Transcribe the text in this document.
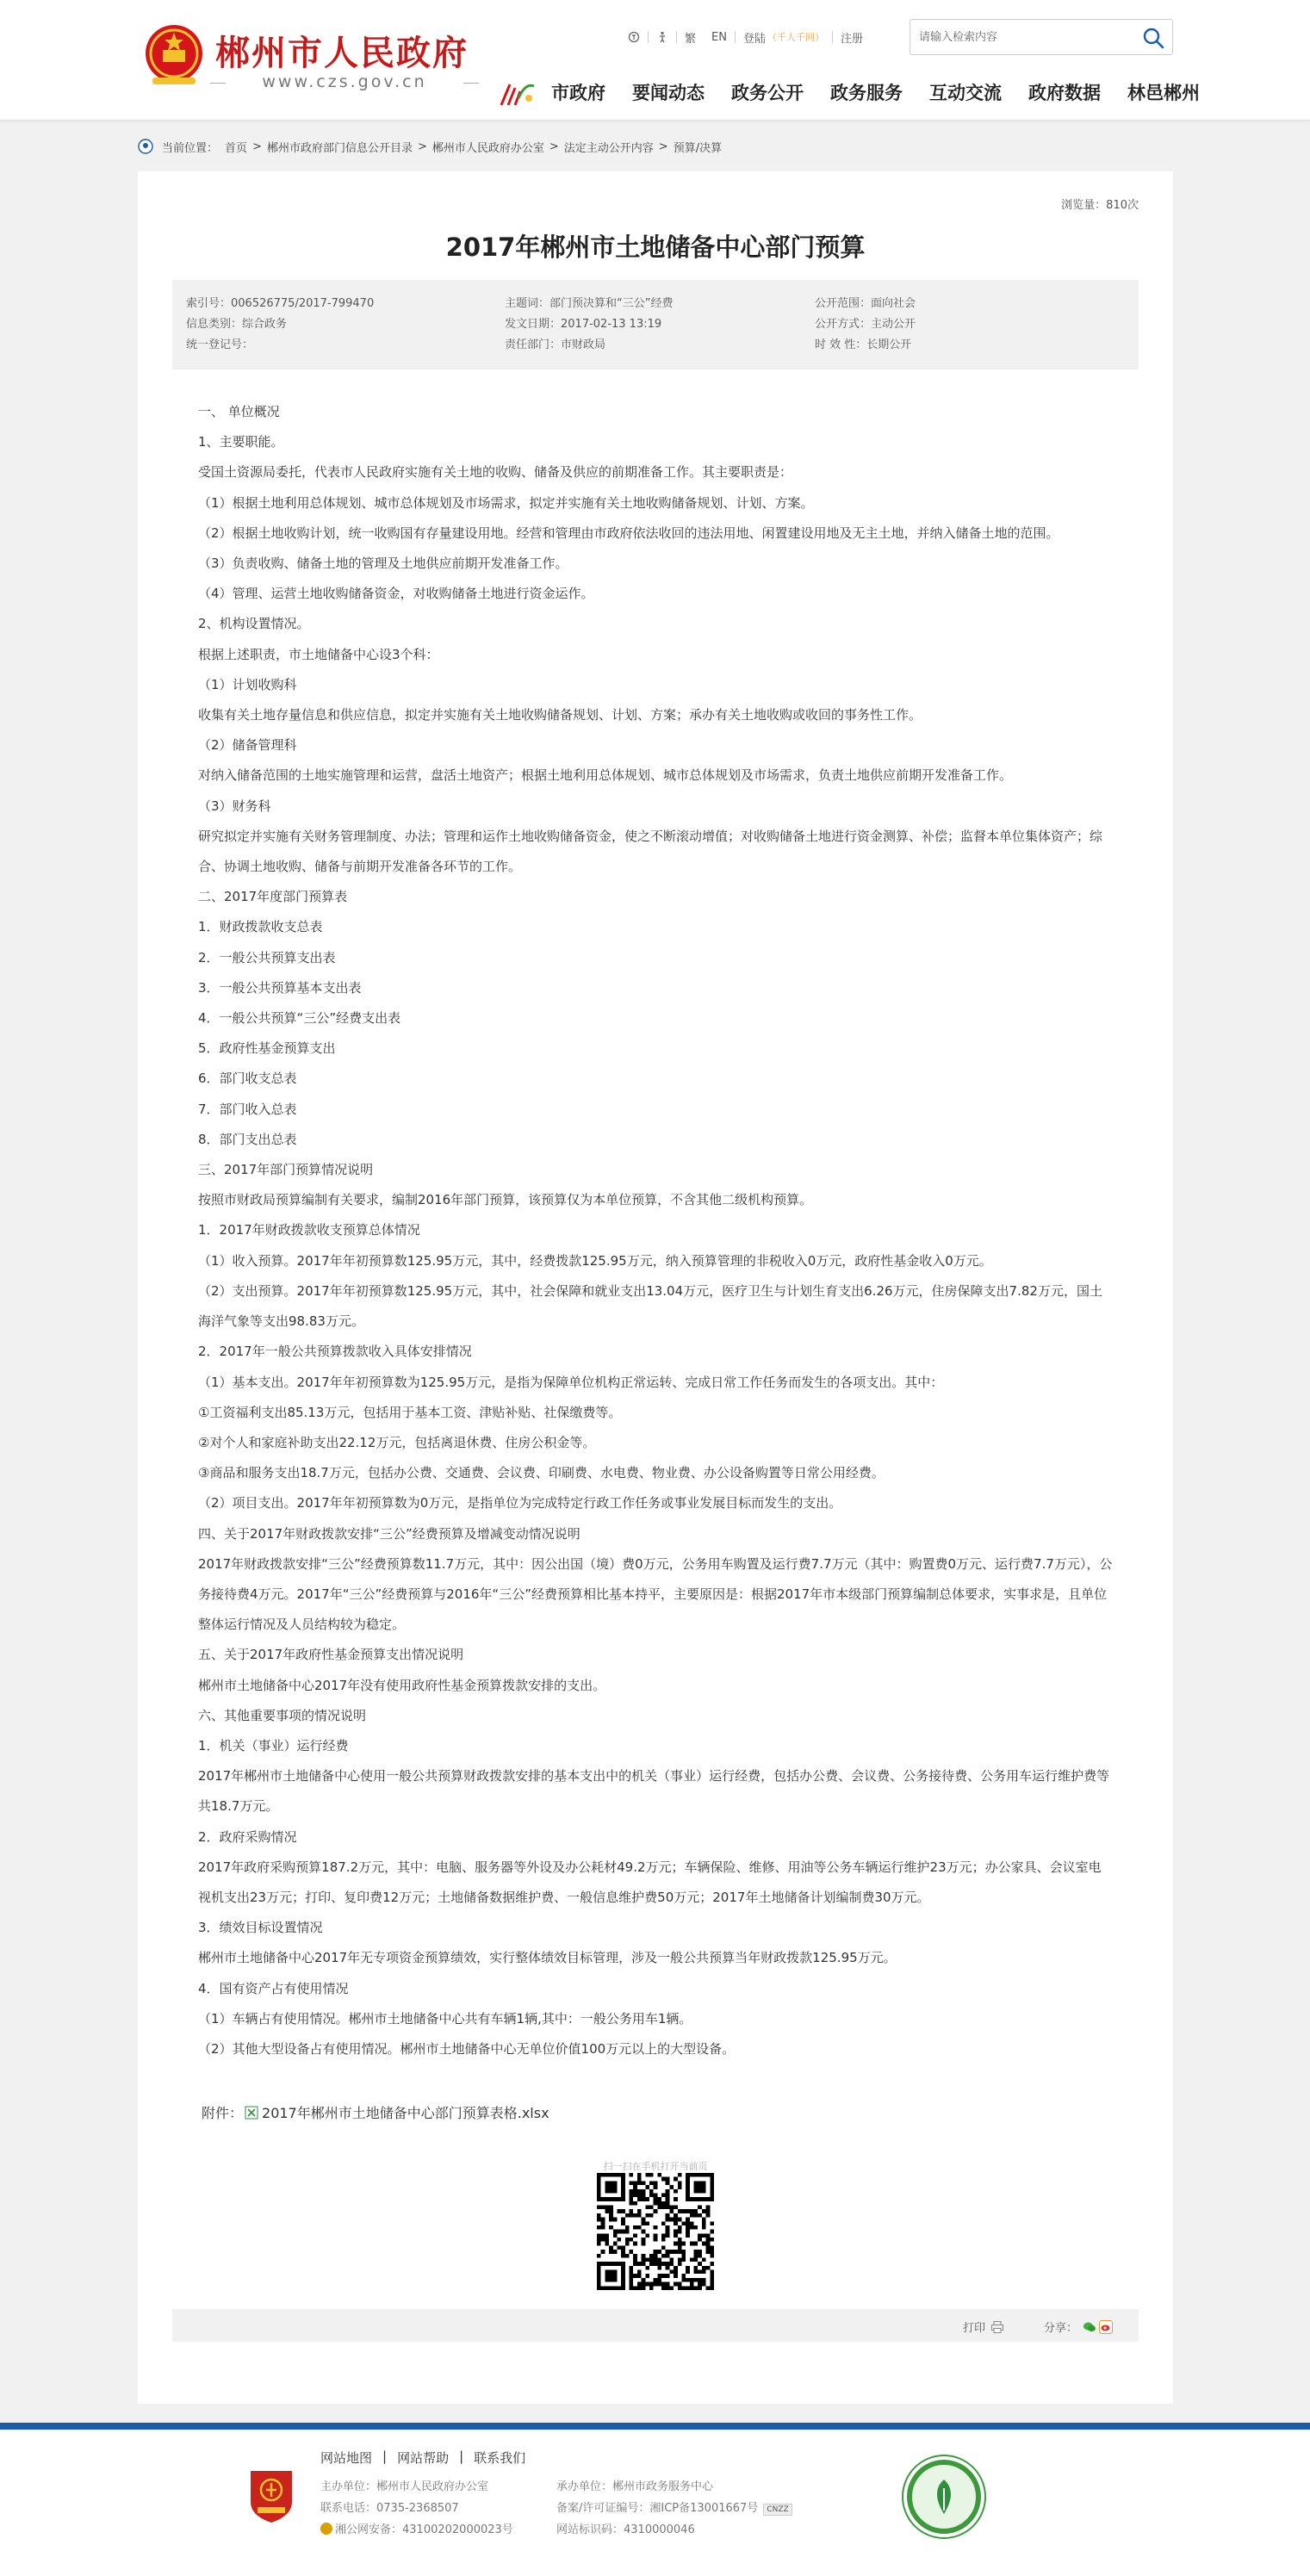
郴州市人民政府
www.czs.gov.cn
繁	EN	登陆 （千人千网）	注册
请输入检索内容
市政府 要闻动态 政务公开 政务服务 互动交流 政府数据 林邑郴州
当前位置： 首页 > 郴州市政府部门信息公开目录 > 郴州市人民政府办公室 > 法定主动公开内容 > 预算/决算
浏览量：810次
2017年郴州市土地储备中心部门预算
索引号：006526775/2017-799470	主题词：部门预决算和“三公”经费	公开范围：面向社会
信息类别：综合政务	发文日期：2017-02-13 13:19	公开方式：主动公开
统一登记号：	责任部门：市财政局	时 效 性：长期公开

一、 单位概况

1、主要职能。

受国土资源局委托，代表市人民政府实施有关土地的收购、储备及供应的前期准备工作。其主要职责是：

（1）根据土地利用总体规划、城市总体规划及市场需求，拟定并实施有关土地收购储备规划、计划、方案。

（2）根据土地收购计划，统一收购国有存量建设用地。经营和管理由市政府依法收回的违法用地、闲置建设用地及无主土地，并纳入储备土地的范围。

（3）负责收购、储备土地的管理及土地供应前期开发准备工作。

（4）管理、运营土地收购储备资金，对收购储备土地进行资金运作。

2、机构设置情况。

根据上述职责，市土地储备中心设3个科：

（1）计划收购科

收集有关土地存量信息和供应信息，拟定并实施有关土地收购储备规划、计划、方案；承办有关土地收购或收回的事务性工作。

（2）储备管理科

对纳入储备范围的土地实施管理和运营，盘活土地资产；根据土地利用总体规划、城市总体规划及市场需求，负责土地供应前期开发准备工作。

（3）财务科

研究拟定并实施有关财务管理制度、办法；管理和运作土地收购储备资金，使之不断滚动增值；对收购储备土地进行资金测算、补偿；监督本单位集体资产；综合、协调土地收购、储备与前期开发准备各环节的工作。

二、2017年度部门预算表

1．财政拨款收支总表

2．一般公共预算支出表

3．一般公共预算基本支出表

4．一般公共预算“三公”经费支出表

5．政府性基金预算支出

6．部门收支总表

7．部门收入总表

8．部门支出总表

三、2017年部门预算情况说明

按照市财政局预算编制有关要求，编制2016年部门预算，该预算仅为本单位预算，不含其他二级机构预算。

1．2017年财政拨款收支预算总体情况

（1）收入预算。2017年年初预算数125.95万元，其中，经费拨款125.95万元，纳入预算管理的非税收入0万元，政府性基金收入0万元。

（2）支出预算。2017年年初预算数125.95万元，其中，社会保障和就业支出13.04万元，医疗卫生与计划生育支出6.26万元，住房保障支出7.82万元，国土海洋气象等支出98.83万元。

2．2017年一般公共预算拨款收入具体安排情况

（1）基本支出。2017年年初预算数为125.95万元，是指为保障单位机构正常运转、完成日常工作任务而发生的各项支出。其中：

①工资福利支出85.13万元，包括用于基本工资、津贴补贴、社保缴费等。

②对个人和家庭补助支出22.12万元，包括离退休费、住房公积金等。

③商品和服务支出18.7万元，包括办公费、交通费、会议费、印刷费、水电费、物业费、办公设备购置等日常公用经费。

（2）项目支出。2017年年初预算数为0万元，是指单位为完成特定行政工作任务或事业发展目标而发生的支出。

四、关于2017年财政拨款安排“三公”经费预算及增减变动情况说明

2017年财政拨款安排“三公”经费预算数11.7万元，其中：因公出国（境）费0万元，公务用车购置及运行费7.7万元（其中：购置费0万元、运行费7.7万元），公务接待费4万元。2017年“三公”经费预算与2016年“三公”经费预算相比基本持平，主要原因是：根据2017年市本级部门预算编制总体要求，实事求是，且单位整体运行情况及人员结构较为稳定。

五、关于2017年政府性基金预算支出情况说明

郴州市土地储备中心2017年没有使用政府性基金预算拨款安排的支出。

六、其他重要事项的情况说明

1．机关（事业）运行经费

2017年郴州市土地储备中心使用一般公共预算财政拨款安排的基本支出中的机关（事业）运行经费，包括办公费、会议费、公务接待费、公务用车运行维护费等共18.7万元。

2．政府采购情况

2017年政府采购预算187.2万元，其中：电脑、服务器等外设及办公耗材49.2万元；车辆保险、维修、用油等公务车辆运行维护23万元；办公家具、会议室电视机支出23万元；打印、复印费12万元；土地储备数据维护费、一般信息维护费50万元；2017年土地储备计划编制费30万元。

3．绩效目标设置情况

郴州市土地储备中心2017年无专项资金预算绩效，实行整体绩效目标管理，涉及一般公共预算当年财政拨款125.95万元。

4．国有资产占有使用情况

（1）车辆占有使用情况。郴州市土地储备中心共有车辆1辆,其中：一般公务用车1辆。

（2）其他大型设备占有使用情况。郴州市土地储备中心无单位价值100万元以上的大型设备。

附件： 2017年郴州市土地储备中心部门预算表格.xlsx
扫一扫在手机打开当前页
打印	分享：
网站地图 | 网站帮助 | 联系我们
主办单位：郴州市人民政府办公室
联系电话：0735-2368507
湘公网安备：43100202000023号
承办单位：郴州市政务服务中心
备案/许可证编号：湘ICP备13001667号 CNZZ
网站标识码：4310000046
